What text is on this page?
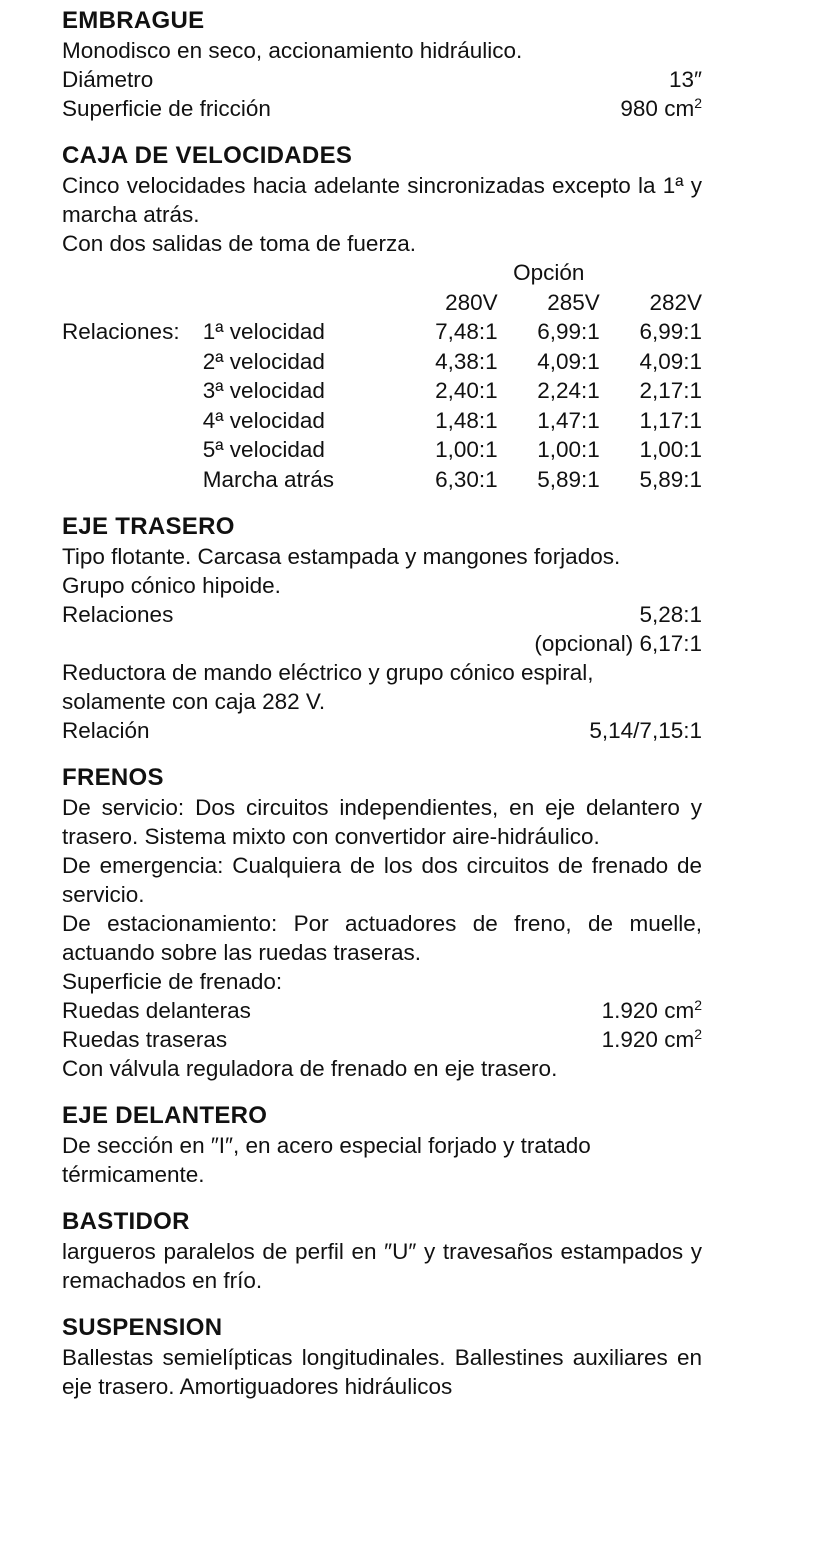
EMBRAGUE
Monodisco en seco, accionamiento hidráulico.
Diámetro	13″
Superficie de fricción	980 $cm^2$
CAJA DE VELOCIDADES
Cinco velocidades hacia adelante sincronizadas excepto la 1ª y marcha atrás.
Con dos salidas de toma de fuerza.
Opción
280V	285V	282V
Relaciones:	1ª velocidad	7,48:1	6,99:1	6,99:1
2ª velocidad	4,38:1	4,09:1	4,09:1
3ª velocidad	2,40:1	2,24:1	2,17:1
4ª velocidad	1,48:1	1,47:1	1,17:1
5ª velocidad	1,00:1	1,00:1	1,00:1
Marcha atrás	6,30:1	5,89:1	5,89:1
EJE TRASERO
Tipo flotante. Carcasa estampada y mangones forjados.
Grupo cónico hipoide.
Relaciones	5,28:1
(opcional) 6,17:1
Reductora de mando eléctrico y grupo cónico espiral, solamente con caja 282 V.
Relación	5,14/7,15:1
FRENOS
De servicio: Dos circuitos independientes, en eje delantero y trasero. Sistema mixto con convertidor aire-hidráulico.
De emergencia: Cualquiera de los dos circuitos de frenado de servicio.
De estacionamiento: Por actuadores de freno, de muelle, actuando sobre las ruedas traseras.
Superficie de frenado:
Ruedas delanteras	1.920 $cm^2$
Ruedas traseras	1.920 $cm^2$
Con válvula reguladora de frenado en eje trasero.
EJE DELANTERO
De sección en ″I″, en acero especial forjado y tratado térmicamente.
BASTIDOR
largueros paralelos de perfil en ″U″ y travesaños estampados y remachados en frío.
SUSPENSION
Ballestas semielípticas longitudinales. Ballestines auxiliares en eje trasero. Amortiguadores hidráulicos
